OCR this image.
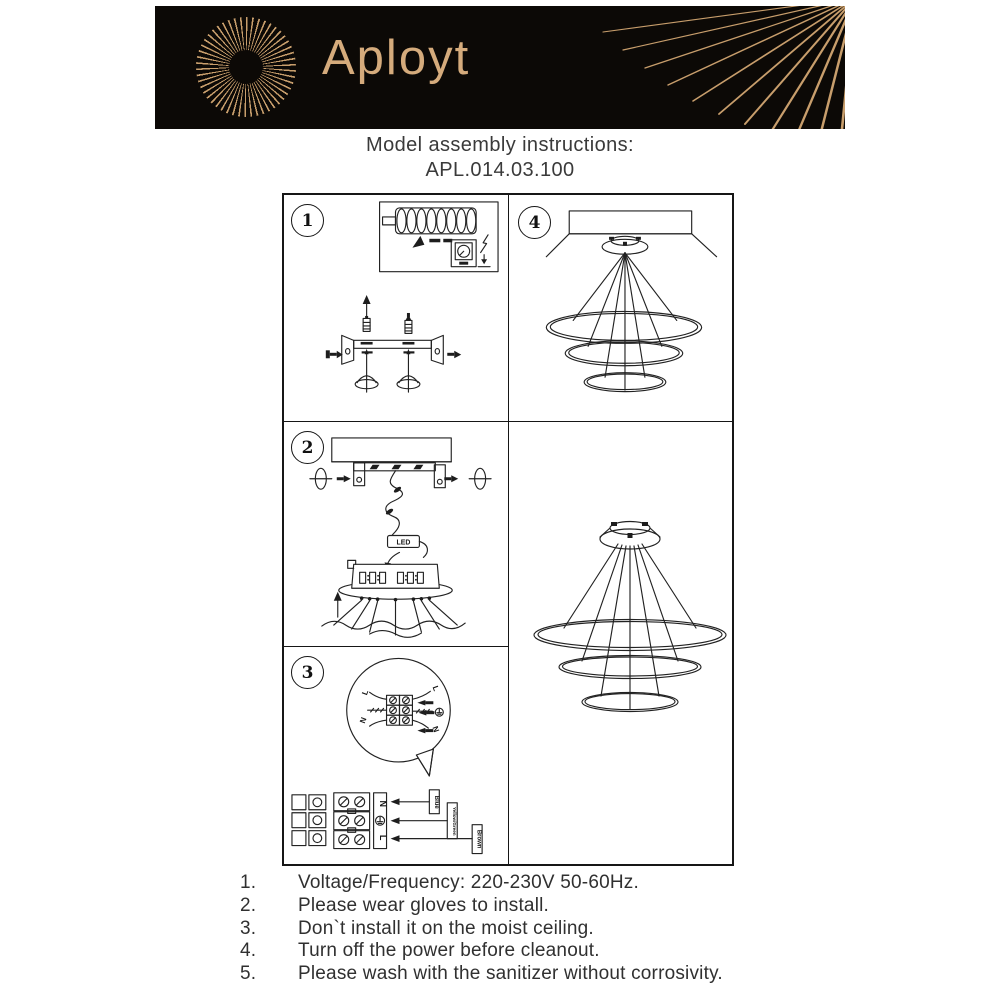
Aployt
Model assembly instructions:
APL.014.03.100
1
2
LED
3
L
N
L
N
N
L
Blue
Yellow/Green
Brown
4
1.	Voltage/Frequency: 220-230V 50-60Hz.
2.	Please wear gloves to install.
3.	Don`t install it on the moist ceiling.
4.	Turn off the power before cleanout.
5.	Please wash with the sanitizer without corrosivity.
